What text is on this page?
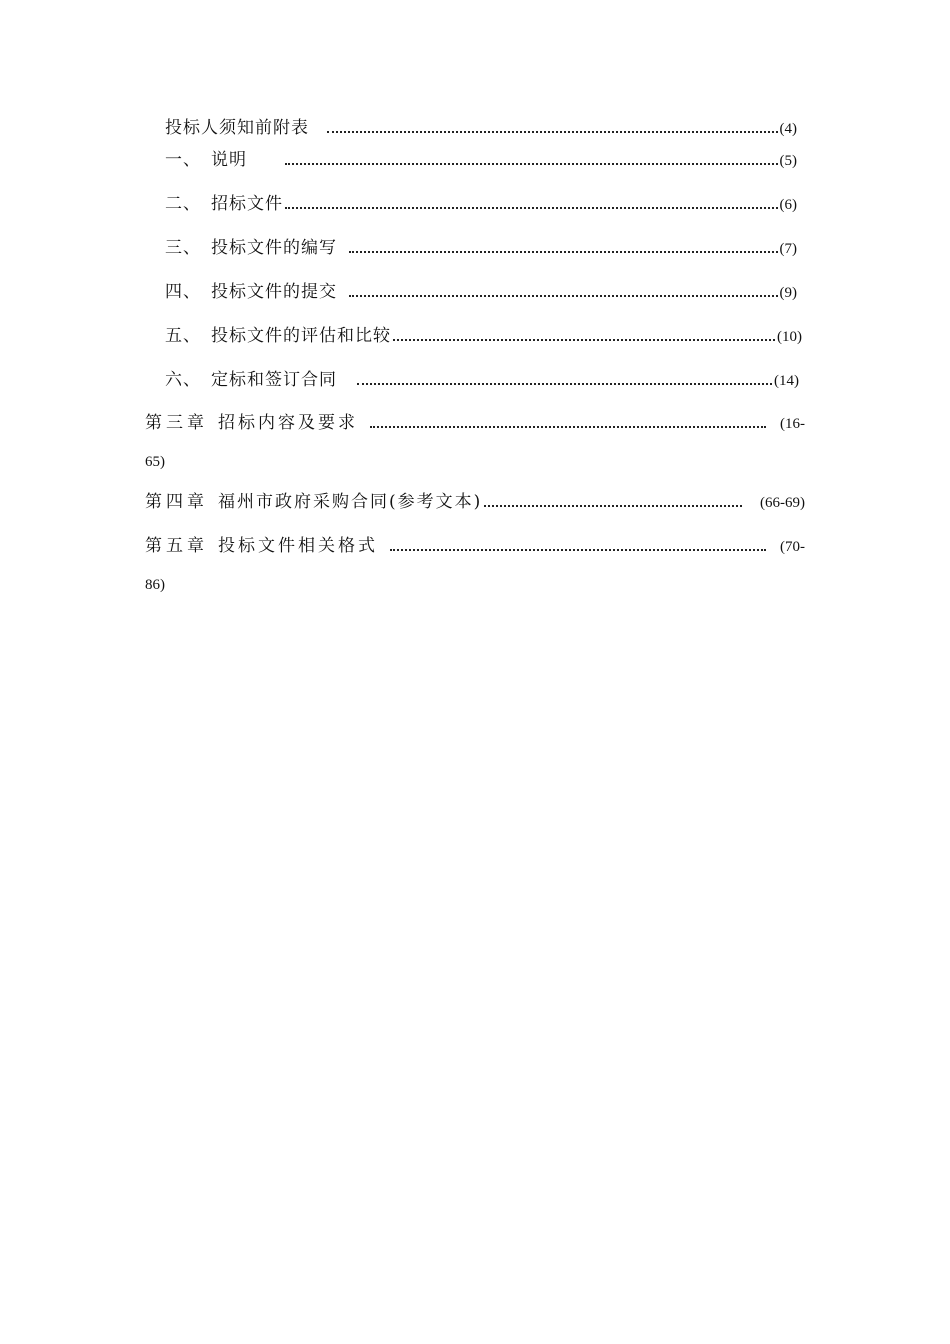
投标人须知前附表	(4)
一、 说明	(5)
二、 招标文件	(6)
三、 投标文件的编写	(7)
四、 投标文件的提交	(9)
五、 投标文件的评估和比较	(10)
六、 定标和签订合同	(14)
第三章 招标内容及要求	(16-
65)
第四章 福州市政府采购合同(参考文本)	(66-69)
第五章 投标文件相关格式	(70-
86)
